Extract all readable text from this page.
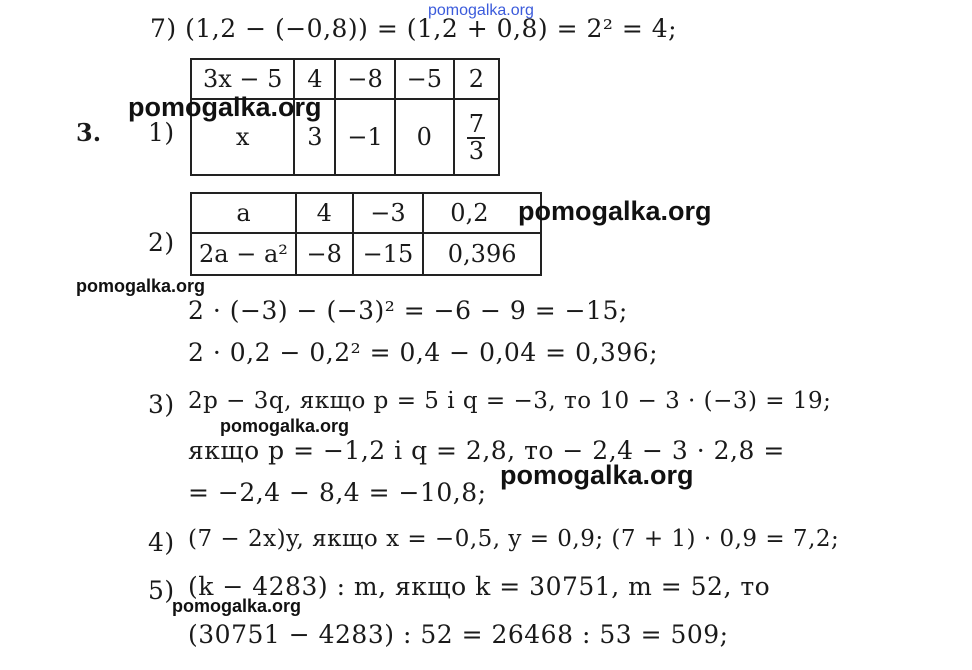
7) (1,2 − (−0,8)) = (1,2 + 0,8) = 2² = 4;
pomogalka.org
3. 1)
3x − 5	4	−8	−5	2
x	3	−1	0	$\frac{7}{3}$
pomogalka.org
2)
a	4	−3	0,2
2a − a²	−8	−15	0,396
pomogalka.org
pomogalka.org
2 · (−3) − (−3)² = −6 − 9 = −15;
2 · 0,2 − 0,2² = 0,4 − 0,04 = 0,396;
3) 2p − 3q, якщо p = 5 і q = −3, то 10 − 3 · (−3) = 19;
pomogalka.org
якщо p = −1,2 і q = 2,8, то − 2,4 − 3 · 2,8 =
pomogalka.org
= −2,4 − 8,4 = −10,8;
4) (7 − 2x)y, якщо x = −0,5, y = 0,9; (7 + 1) · 0,9 = 7,2;
5) (k − 4283) : m, якщо k = 30751, m = 52, то
pomogalka.org
(30751 − 4283) : 52 = 26468 : 53 = 509;
